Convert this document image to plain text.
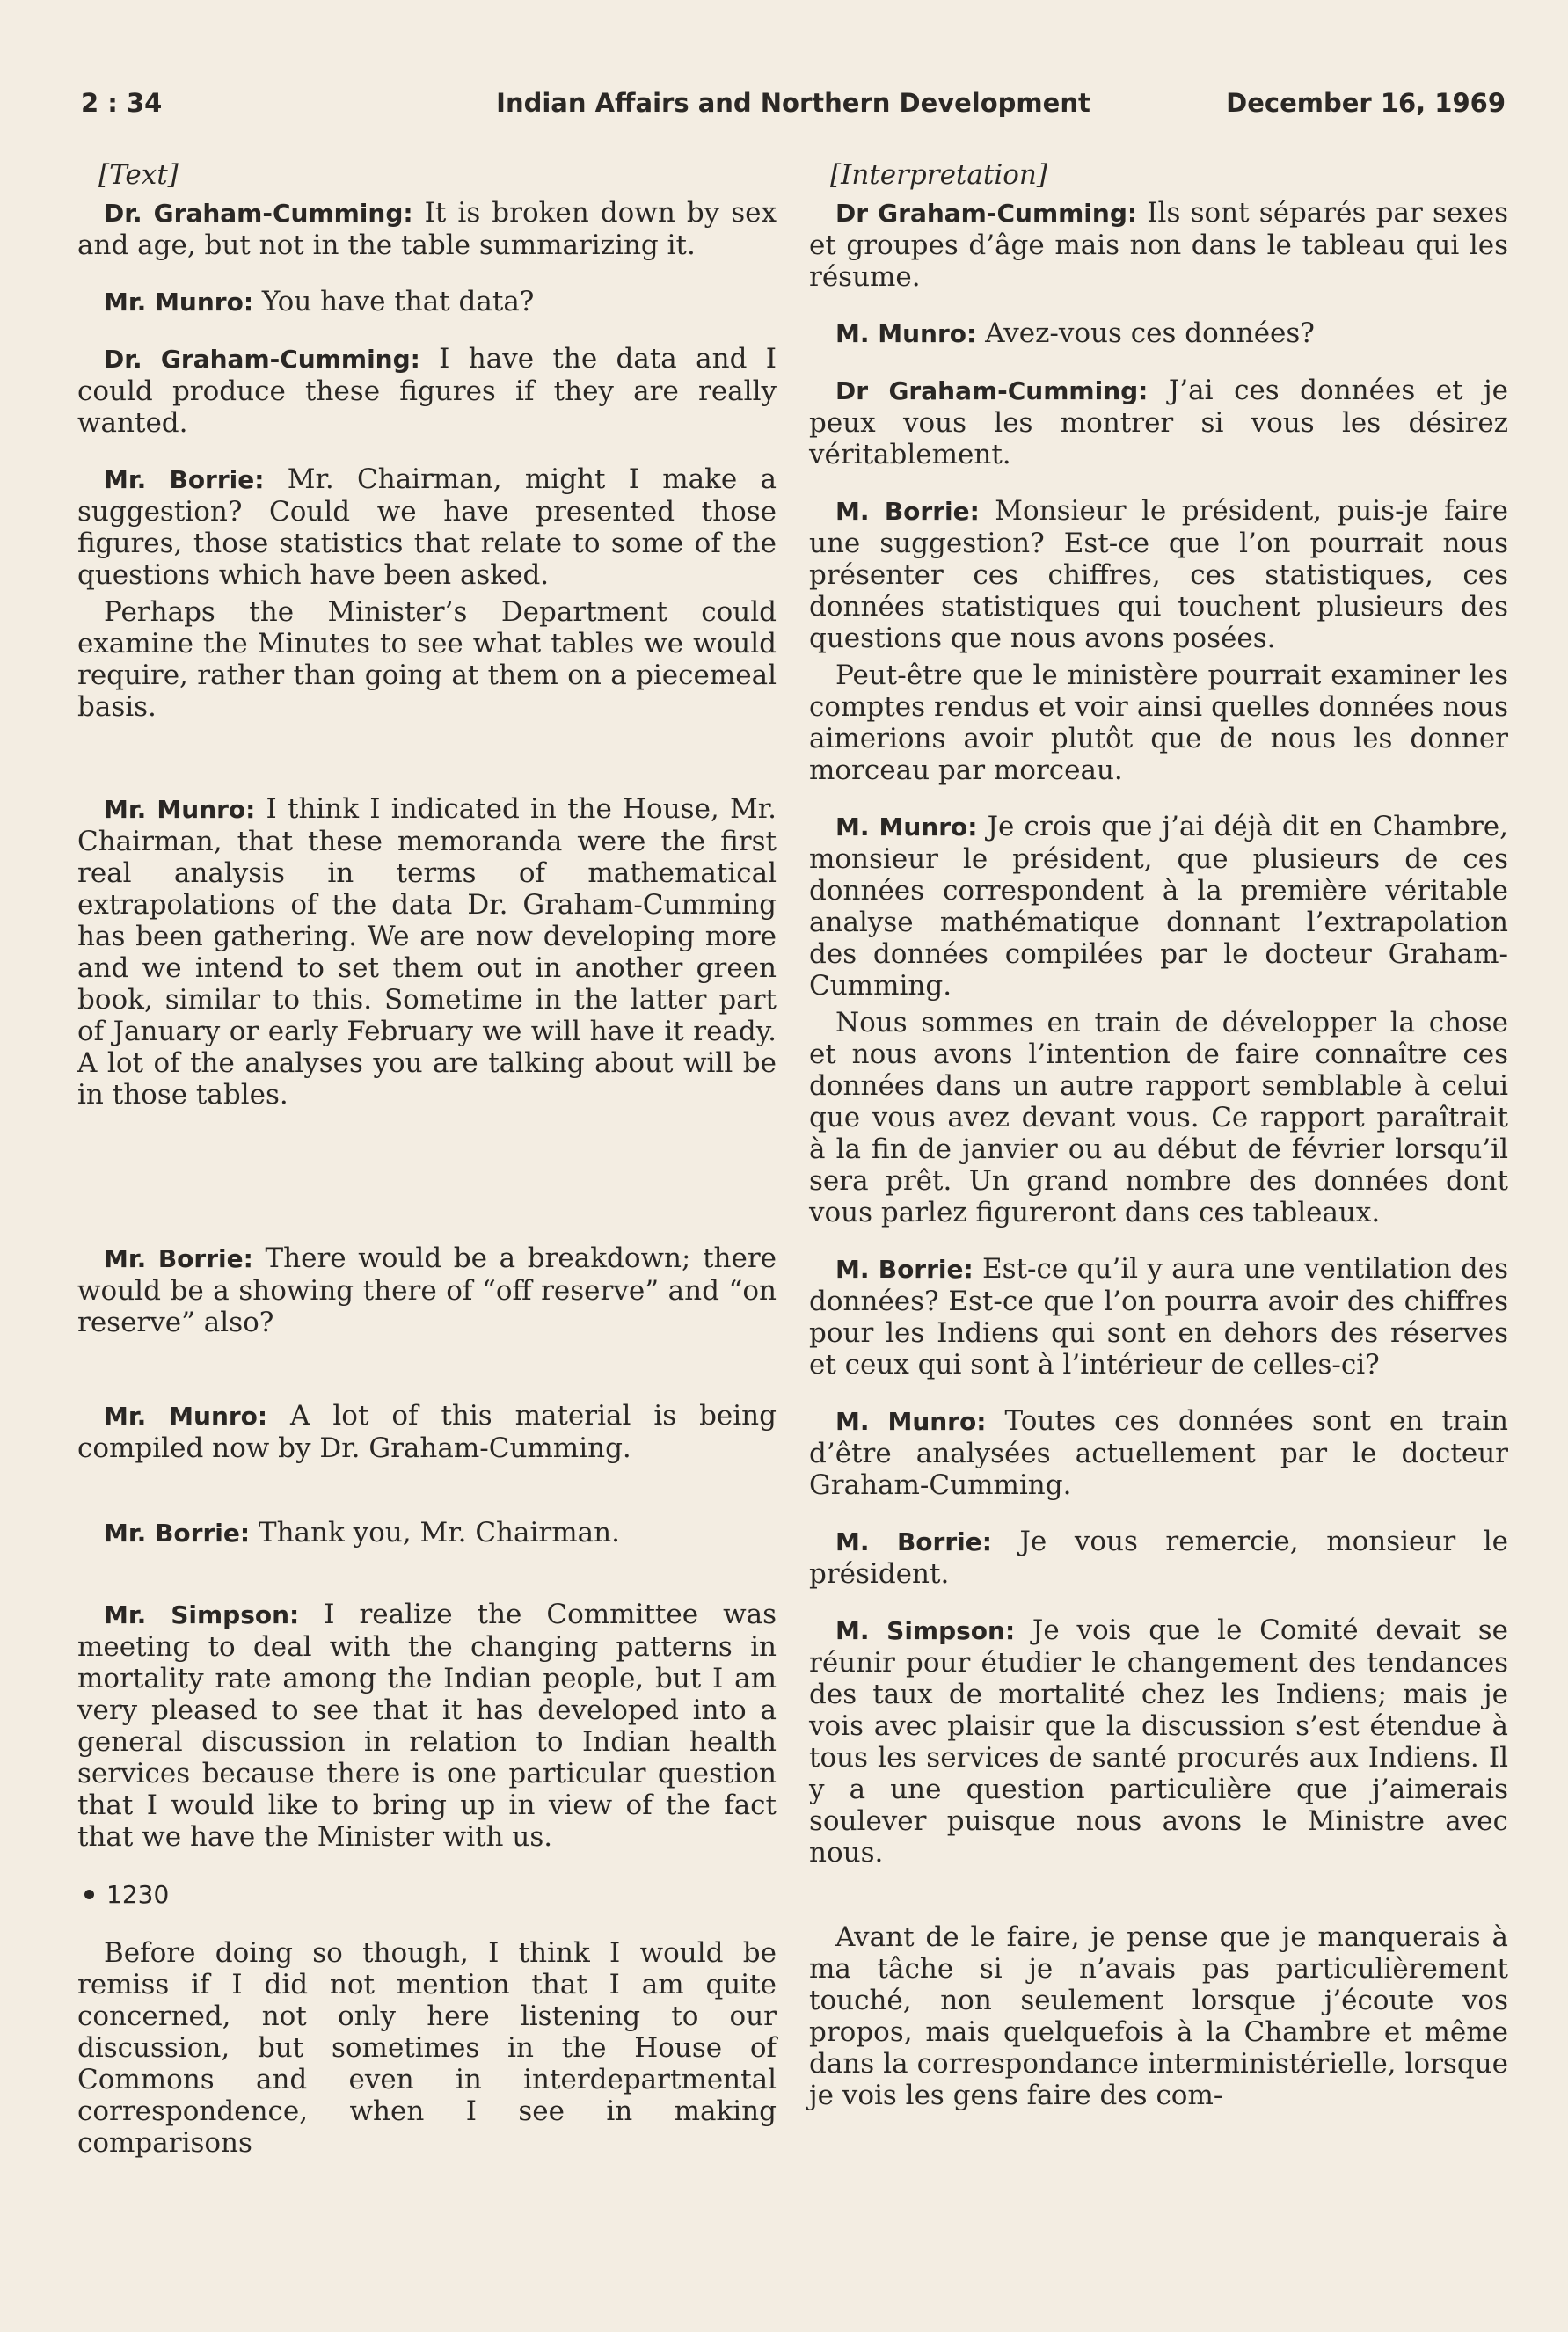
2 : 34	Indian Affairs and Northern Development	December 16, 1969
[Text]
Dr. Graham-Cumming: It is broken down by sex and age, but not in the table summarizing it.
Mr. Munro: You have that data?
Dr. Graham-Cumming: I have the data and I could produce these figures if they are really wanted.
Mr. Borrie: Mr. Chairman, might I make a suggestion? Could we have presented those figures, those statistics that relate to some of the questions which have been asked.
Perhaps the Minister’s Department could examine the Minutes to see what tables we would require, rather than going at them on a piecemeal basis.
Mr. Munro: I think I indicated in the House, Mr. Chairman, that these memoranda were the first real analysis in terms of mathematical extrapolations of the data Dr. Graham-Cumming has been gathering. We are now developing more and we intend to set them out in another green book, similar to this. Sometime in the latter part of January or early February we will have it ready. A lot of the analyses you are talking about will be in those tables.
Mr. Borrie: There would be a breakdown; there would be a showing there of “off reserve” and “on reserve” also?
Mr. Munro: A lot of this material is being compiled now by Dr. Graham-Cumming.
Mr. Borrie: Thank you, Mr. Chairman.
Mr. Simpson: I realize the Committee was meeting to deal with the changing patterns in mortality rate among the Indian people, but I am very pleased to see that it has developed into a general discussion in relation to Indian health services because there is one particular question that I would like to bring up in view of the fact that we have the Minister with us.
1230
Before doing so though, I think I would be remiss if I did not mention that I am quite concerned, not only here listening to our discussion, but sometimes in the House of Commons and even in interdepartmental correspondence, when I see in making comparisons
[Interpretation]
Dr Graham-Cumming: Ils sont séparés par sexes et groupes d’âge mais non dans le tableau qui les résume.
M. Munro: Avez-vous ces données?
Dr Graham-Cumming: J’ai ces données et je peux vous les montrer si vous les désirez véritablement.
M. Borrie: Monsieur le président, puis-je faire une suggestion? Est-ce que l’on pourrait nous présenter ces chiffres, ces statistiques, ces données statistiques qui touchent plusieurs des questions que nous avons posées.
Peut-être que le ministère pourrait examiner les comptes rendus et voir ainsi quelles données nous aimerions avoir plutôt que de nous les donner morceau par morceau.
M. Munro: Je crois que j’ai déjà dit en Chambre, monsieur le président, que plusieurs de ces données correspondent à la première véritable analyse mathématique donnant l’extrapolation des données compilées par le docteur Graham-Cumming.
Nous sommes en train de développer la chose et nous avons l’intention de faire connaître ces données dans un autre rapport semblable à celui que vous avez devant vous. Ce rapport paraîtrait à la fin de janvier ou au début de février lorsqu’il sera prêt. Un grand nombre des données dont vous parlez figureront dans ces tableaux.
M. Borrie: Est-ce qu’il y aura une ventilation des données? Est-ce que l’on pourra avoir des chiffres pour les Indiens qui sont en dehors des réserves et ceux qui sont à l’intérieur de celles-ci?
M. Munro: Toutes ces données sont en train d’être analysées actuellement par le docteur Graham-Cumming.
M. Borrie: Je vous remercie, monsieur le président.
M. Simpson: Je vois que le Comité devait se réunir pour étudier le changement des tendances des taux de mortalité chez les Indiens; mais je vois avec plaisir que la discussion s’est étendue à tous les services de santé procurés aux Indiens. Il y a une question particulière que j’aimerais soulever puisque nous avons le Ministre avec nous.
Avant de le faire, je pense que je manquerais à ma tâche si je n’avais pas particulièrement touché, non seulement lorsque j’écoute vos propos, mais quelquefois à la Chambre et même dans la correspondance interministérielle, lorsque je vois les gens faire des com-
